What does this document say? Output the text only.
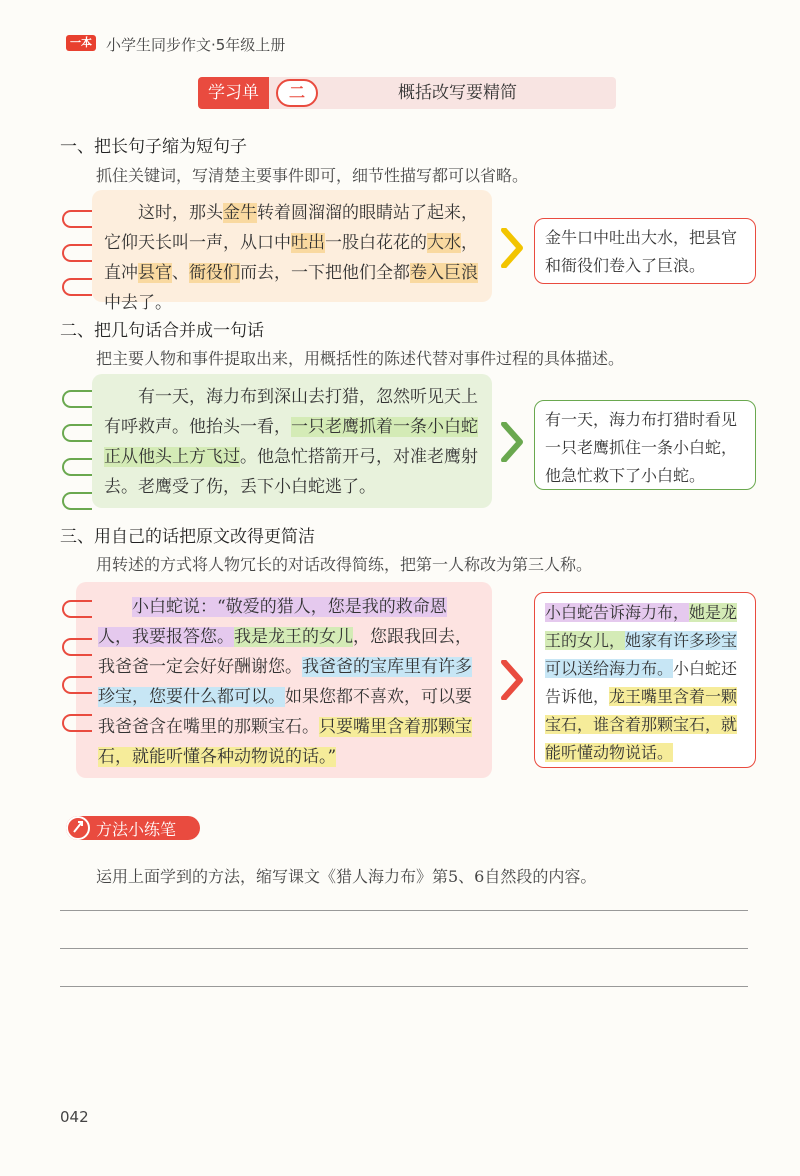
一本 小学生同步作文·5年级上册
学习单	二	概括改写要精简
一、把长句子缩为短句子
抓住关键词，写清楚主要事件即可，细节性描写都可以省略。

这时，那头金牛转着圆溜溜的眼睛站了起来，它仰天长叫一声，从口中吐出一股白花花的大水，直冲县官、衙役们而去，一下把他们全都卷入巨浪中去了。

金牛口中吐出大水，把县官和衙役们卷入了巨浪。
二、把几句话合并成一句话
把主要人物和事件提取出来，用概括性的陈述代替对事件过程的具体描述。

有一天，海力布到深山去打猎，忽然听见天上有呼救声。他抬头一看，一只老鹰抓着一条小白蛇正从他头上方飞过。他急忙搭箭开弓，对准老鹰射去。老鹰受了伤，丢下小白蛇逃了。

有一天，海力布打猎时看见一只老鹰抓住一条小白蛇，他急忙救下了小白蛇。
三、用自己的话把原文改得更简洁
用转述的方式将人物冗长的对话改得简练，把第一人称改为第三人称。

小白蛇说：“敬爱的猎人，您是我的救命恩人，我要报答您。我是龙王的女儿，您跟我回去，我爸爸一定会好好酬谢您。我爸爸的宝库里有许多珍宝，您要什么都可以。如果您都不喜欢，可以要我爸爸含在嘴里的那颗宝石。只要嘴里含着那颗宝石，就能听懂各种动物说的话。”

小白蛇告诉海力布，她是龙王的女儿，她家有许多珍宝可以送给海力布。小白蛇还告诉他，龙王嘴里含着一颗宝石，谁含着那颗宝石，就能听懂动物说话。
方法小练笔
运用上面学到的方法，缩写课文《猎人海力布》第5、6自然段的内容。
042
